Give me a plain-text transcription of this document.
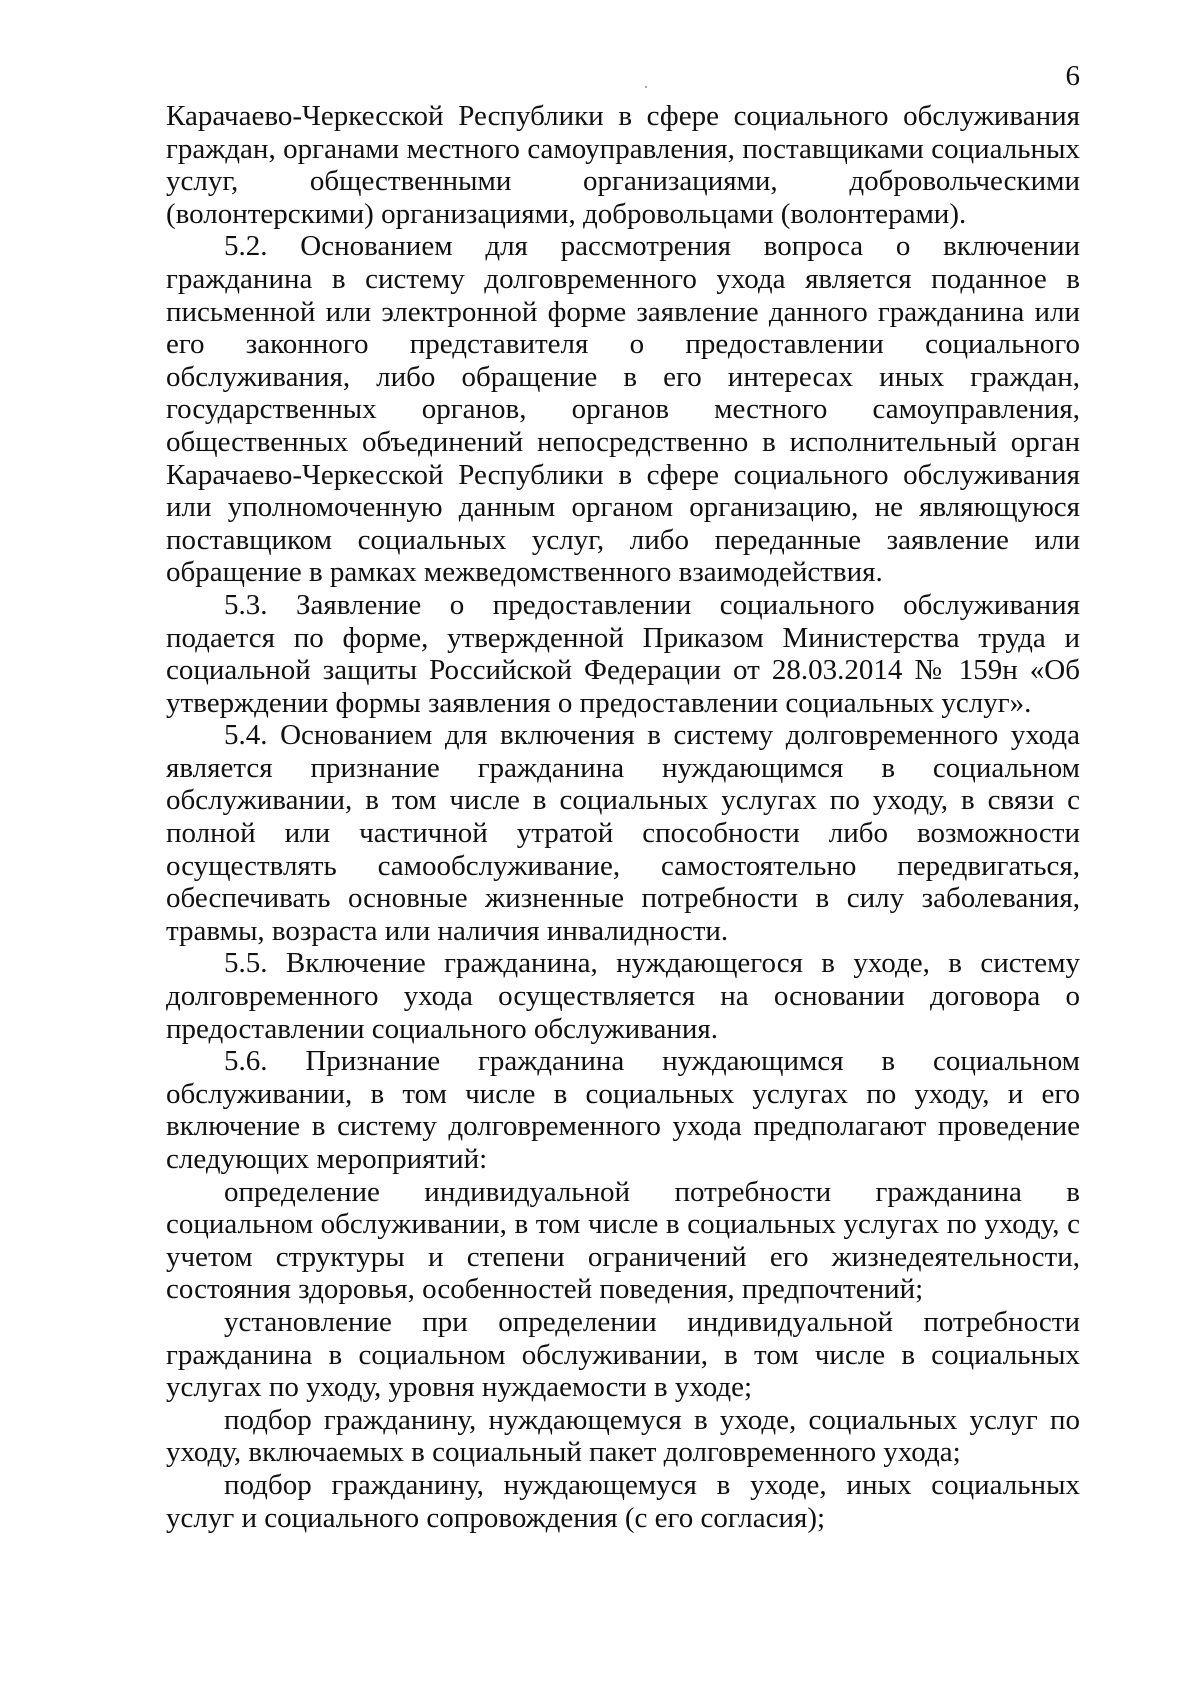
6

Карачаево-Черкесской Республики в сфере социального обслуживания граждан, органами местного самоуправления, поставщиками социальных услуг, общественными организациями, добровольческими (волонтерскими) организациями, добровольцами (волонтерами).

5.2. Основанием для рассмотрения вопроса о включении гражданина в систему долговременного ухода является поданное в письменной или электронной форме заявление данного гражданина или его законного представителя о предоставлении социального обслуживания, либо обращение в его интересах иных граждан, государственных органов, органов местного самоуправления, общественных объединений непосредственно в исполнительный орган Карачаево-Черкесской Республики в сфере социального обслуживания или уполномоченную данным органом организацию, не являющуюся поставщиком социальных услуг, либо переданные заявление или обращение в рамках межведомственного взаимодействия.

5.3. Заявление о предоставлении социального обслуживания подается по форме, утвержденной Приказом Министерства труда и социальной защиты Российской Федерации от 28.03.2014 № 159н «Об утверждении формы заявления о предоставлении социальных услуг».

5.4. Основанием для включения в систему долговременного ухода является признание гражданина нуждающимся в социальном обслуживании, в том числе в социальных услугах по уходу, в связи с полной или частичной утратой способности либо возможности осуществлять самообслуживание, самостоятельно передвигаться, обеспечивать основные жизненные потребности в силу заболевания, травмы, возраста или наличия инвалидности.

5.5. Включение гражданина, нуждающегося в уходе, в систему долговременного ухода осуществляется на основании договора о предоставлении социального обслуживания.

5.6. Признание гражданина нуждающимся в социальном обслуживании, в том числе в социальных услугах по уходу, и его включение в систему долговременного ухода предполагают проведение следующих мероприятий:

определение индивидуальной потребности гражданина в социальном обслуживании, в том числе в социальных услугах по уходу, с учетом структуры и степени ограничений его жизнедеятельности, состояния здоровья, особенностей поведения, предпочтений;

установление при определении индивидуальной потребности гражданина в социальном обслуживании, в том числе в социальных услугах по уходу, уровня нуждаемости в уходе;

подбор гражданину, нуждающемуся в уходе, социальных услуг по уходу, включаемых в социальный пакет долговременного ухода;

подбор гражданину, нуждающемуся в уходе, иных социальных услуг и социального сопровождения (с его согласия);
